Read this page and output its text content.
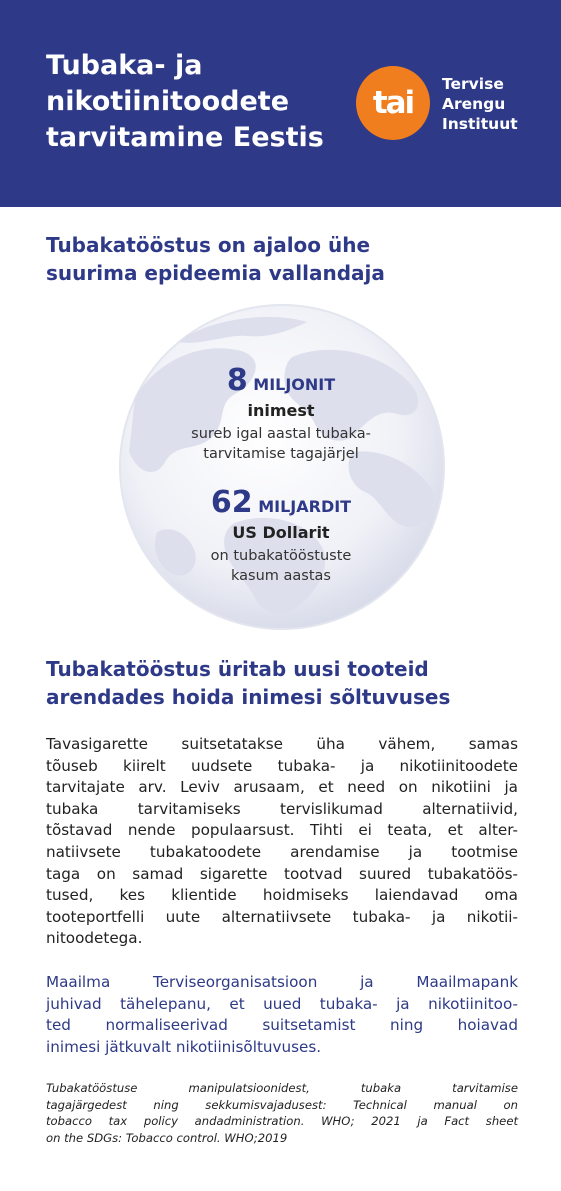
Tubaka- ja
nikotiinitoodete
tarvitamine Eestis
tai
Tervise
Arengu
Instituut
Tubakatööstus on ajaloo ühe
suurima epideemia vallandaja
8 MILJONIT
inimest
sureb igal aastal tubaka-
tarvitamise tagajärjel
62 MILJARDIT
US Dollarit
on tubakatööstuste
kasum aastas
Tubakatööstus üritab uusi tooteid
arendades hoida inimesi sõltuvuses
Tavasigarette suitsetatakse üha vähem, samas
tõuseb kiirelt uudsete tubaka- ja nikotiinitoodete
tarvitajate arv. Leviv arusaam, et need on nikotiini ja
tubaka tarvitamiseks tervislikumad alternatiivid,
tõstavad nende populaarsust. Tihti ei teata, et alter-
natiivsete tubakatoodete arendamise ja tootmise
taga on samad sigarette tootvad suured tubakatöös-
tused, kes klientide hoidmiseks laiendavad oma
tooteportfelli uute alternatiivsete tubaka- ja nikotii-
nitoodetega.
Maailma Terviseorganisatsioon ja Maailmapank
juhivad tähelepanu, et uued tubaka- ja nikotiinitoo-
ted normaliseerivad suitsetamist ning hoiavad
inimesi jätkuvalt nikotiinisõltuvuses.
Tubakatööstuse manipulatsioonidest, tubaka tarvitamise
tagajärgedest ning sekkumisvajadusest: Technical manual on
tobacco tax policy andadministration. WHO; 2021 ja Fact sheet
on the SDGs: Tobacco control. WHO;2019
